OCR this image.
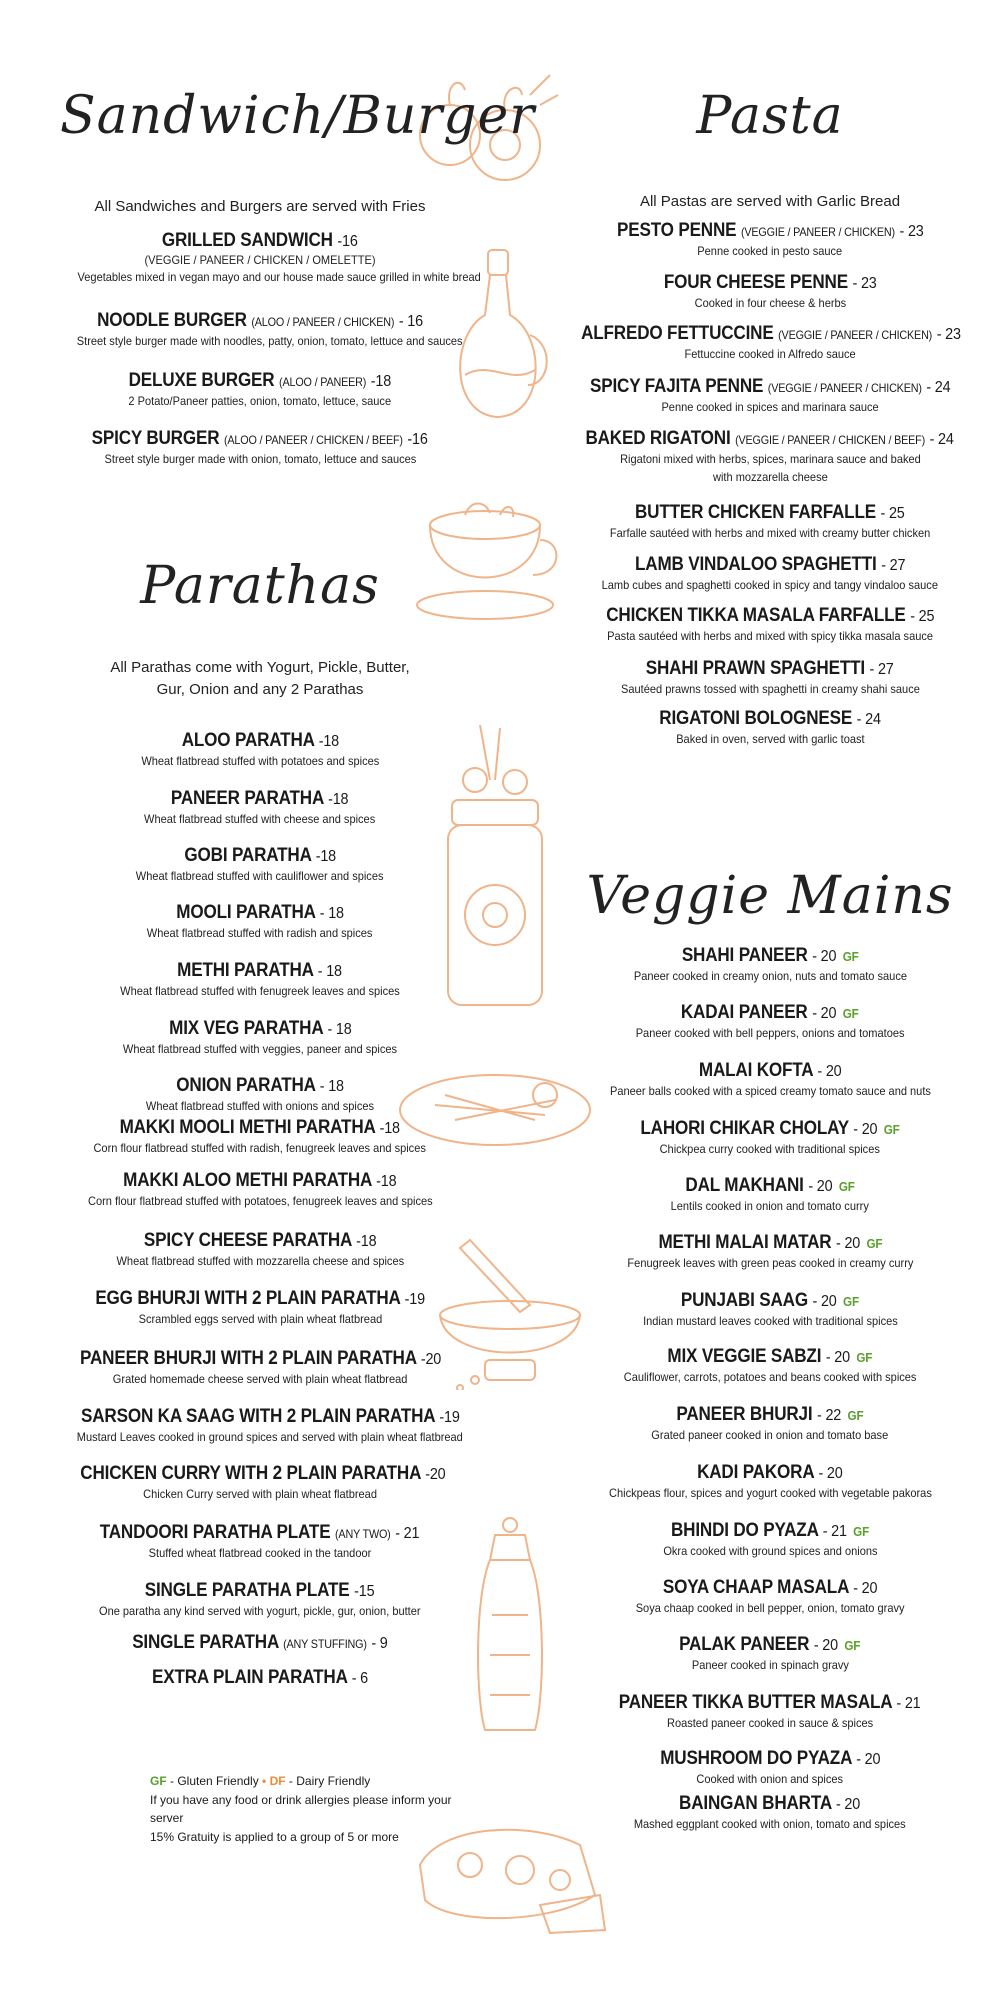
Sandwich/Burger
All Sandwiches and Burgers are served with Fries
GRILLED SANDWICH -16
(VEGGIE / PANEER / CHICKEN / OMELETTE)
Vegetables mixed in vegan mayo and our house made sauce grilled in white bread
NOODLE BURGER (ALOO / PANEER / CHICKEN) - 16
Street style burger made with noodles, patty, onion, tomato, lettuce and sauces
DELUXE BURGER (ALOO / PANEER) -18
2 Potato/Paneer patties, onion, tomato, lettuce, sauce
SPICY BURGER (ALOO / PANEER / CHICKEN / BEEF) -16
Street style burger made with onion, tomato, lettuce and sauces
Parathas
All Parathas come with Yogurt, Pickle, Butter,
Gur, Onion and any 2 Parathas
ALOO PARATHA -18
Wheat flatbread stuffed with potatoes and spices
PANEER PARATHA -18
Wheat flatbread stuffed with cheese and spices
GOBI PARATHA -18
Wheat flatbread stuffed with cauliflower and spices
MOOLI PARATHA - 18
Wheat flatbread stuffed with radish and spices
METHI PARATHA - 18
Wheat flatbread stuffed with fenugreek leaves and spices
MIX VEG PARATHA - 18
Wheat flatbread stuffed with veggies, paneer and spices
ONION PARATHA - 18
Wheat flatbread stuffed with onions and spices
MAKKI MOOLI METHI PARATHA -18
Corn flour flatbread stuffed with radish, fenugreek leaves and spices
MAKKI ALOO METHI PARATHA -18
Corn flour flatbread stuffed with potatoes, fenugreek leaves and spices
SPICY CHEESE PARATHA -18
Wheat flatbread stuffed with mozzarella cheese and spices
EGG BHURJI WITH 2 PLAIN PARATHA -19
Scrambled eggs served with plain wheat flatbread
PANEER BHURJI WITH 2 PLAIN PARATHA -20
Grated homemade cheese served with plain wheat flatbread
SARSON KA SAAG WITH 2 PLAIN PARATHA -19
Mustard Leaves cooked in ground spices and served with plain wheat flatbread
CHICKEN CURRY WITH 2 PLAIN PARATHA -20
Chicken Curry served with plain wheat flatbread
TANDOORI PARATHA PLATE (ANY TWO) - 21
Stuffed wheat flatbread cooked in the tandoor
SINGLE PARATHA PLATE -15
One paratha any kind served with yogurt, pickle, gur, onion, butter
SINGLE PARATHA (ANY STUFFING) - 9
EXTRA PLAIN PARATHA - 6
Pasta
All Pastas are served with Garlic Bread
PESTO PENNE (VEGGIE / PANEER / CHICKEN) - 23
Penne cooked in pesto sauce
FOUR CHEESE PENNE - 23
Cooked in four cheese & herbs
ALFREDO FETTUCCINE (VEGGIE / PANEER / CHICKEN) - 23
Fettuccine cooked in Alfredo sauce
SPICY FAJITA PENNE (VEGGIE / PANEER / CHICKEN) - 24
Penne cooked in spices and marinara sauce
BAKED RIGATONI (VEGGIE / PANEER / CHICKEN / BEEF) - 24
Rigatoni mixed with herbs, spices, marinara sauce and baked
with mozzarella cheese
BUTTER CHICKEN FARFALLE - 25
Farfalle sautéed with herbs and mixed with creamy butter chicken
LAMB VINDALOO SPAGHETTI - 27
Lamb cubes and spaghetti cooked in spicy and tangy vindaloo sauce
CHICKEN TIKKA MASALA FARFALLE - 25
Pasta sautéed with herbs and mixed with spicy tikka masala sauce
SHAHI PRAWN SPAGHETTI - 27
Sautéed prawns tossed with spaghetti in creamy shahi sauce
RIGATONI BOLOGNESE - 24
Baked in oven, served with garlic toast
Veggie Mains
SHAHI PANEER - 20 GF
Paneer cooked in creamy onion, nuts and tomato sauce
KADAI PANEER - 20 GF
Paneer cooked with bell peppers, onions and tomatoes
MALAI KOFTA - 20
Paneer balls cooked with a spiced creamy tomato sauce and nuts
LAHORI CHIKAR CHOLAY - 20 GF
Chickpea curry cooked with traditional spices
DAL MAKHANI - 20 GF
Lentils cooked in onion and tomato curry
METHI MALAI MATAR - 20 GF
Fenugreek leaves with green peas cooked in creamy curry
PUNJABI SAAG - 20 GF
Indian mustard leaves cooked with traditional spices
MIX VEGGIE SABZI - 20 GF
Cauliflower, carrots, potatoes and beans cooked with spices
PANEER BHURJI - 22 GF
Grated paneer cooked in onion and tomato base
KADI PAKORA - 20
Chickpeas flour, spices and yogurt cooked with vegetable pakoras
BHINDI DO PYAZA - 21 GF
Okra cooked with ground spices and onions
SOYA CHAAP MASALA - 20
Soya chaap cooked in bell pepper, onion, tomato gravy
PALAK PANEER - 20 GF
Paneer cooked in spinach gravy
PANEER TIKKA BUTTER MASALA - 21
Roasted paneer cooked in sauce & spices
MUSHROOM DO PYAZA - 20
Cooked with onion and spices
BAINGAN BHARTA - 20
Mashed eggplant cooked with onion, tomato and spices
GF - Gluten Friendly • DF - Dairy Friendly
If you have any food or drink allergies please inform your server
15% Gratuity is applied to a group of 5 or more
